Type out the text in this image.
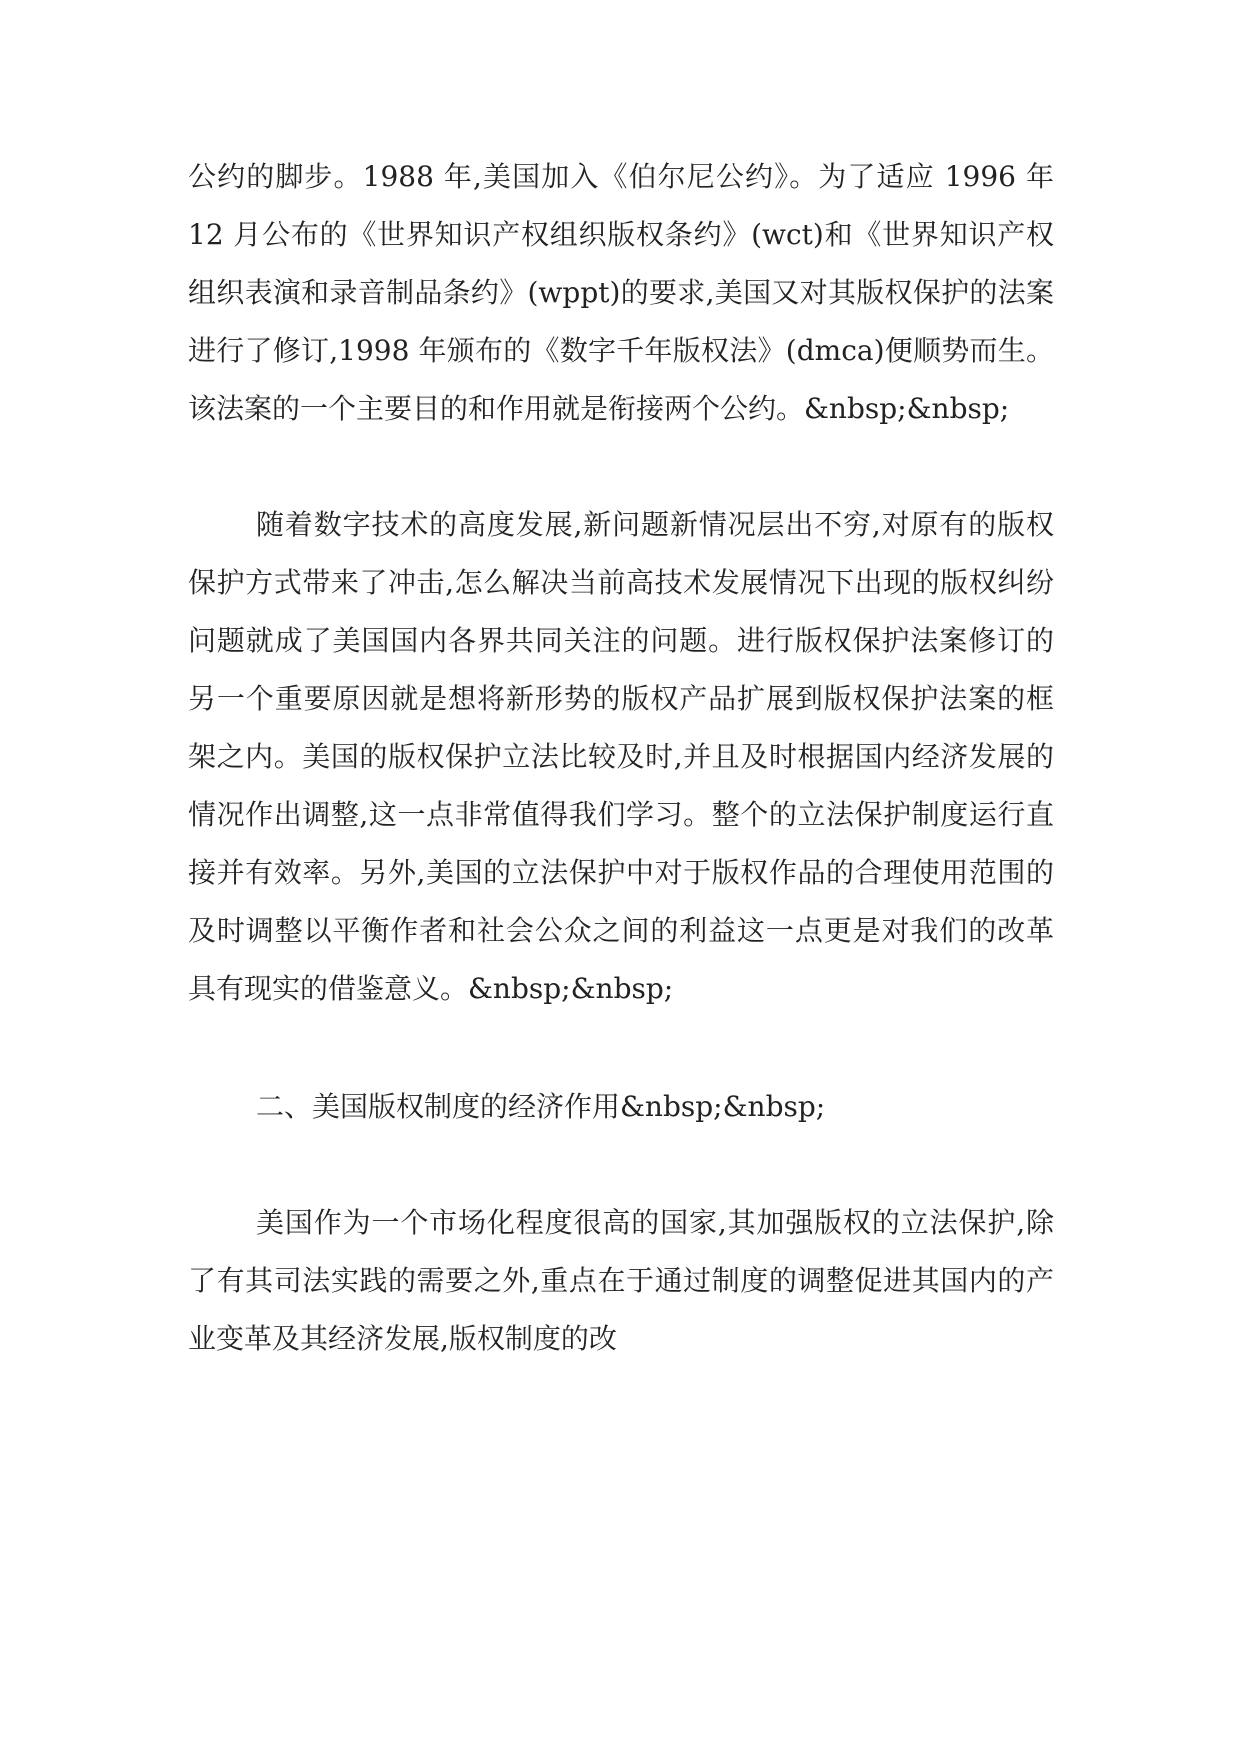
公约的脚步。1988 年,美国加入《伯尔尼公约》。为了适应 1996 年 12 月公布的《世界知识产权组织版权条约》(wct)和《世界知识产权组织表演和录音制品条约》(wppt)的要求,美国又对其版权保护的法案进行了修订,1998 年颁布的《数字千年版权法》(dmca)便顺势而生。该法案的一个主要目的和作用就是衔接两个公约。&nbsp;&nbsp;

随着数字技术的高度发展,新问题新情况层出不穷,对原有的版权保护方式带来了冲击,怎么解决当前高技术发展情况下出现的版权纠纷问题就成了美国国内各界共同关注的问题。进行版权保护法案修订的另一个重要原因就是想将新形势的版权产品扩展到版权保护法案的框架之内。美国的版权保护立法比较及时,并且及时根据国内经济发展的情况作出调整,这一点非常值得我们学习。整个的立法保护制度运行直接并有效率。另外,美国的立法保护中对于版权作品的合理使用范围的及时调整以平衡作者和社会公众之间的利益这一点更是对我们的改革具有现实的借鉴意义。&nbsp;&nbsp;

二、美国版权制度的经济作用&nbsp;&nbsp;

美国作为一个市场化程度很高的国家,其加强版权的立法保护,除了有其司法实践的需要之外,重点在于通过制度的调整促进其国内的产业变革及其经济发展,版权制度的改
